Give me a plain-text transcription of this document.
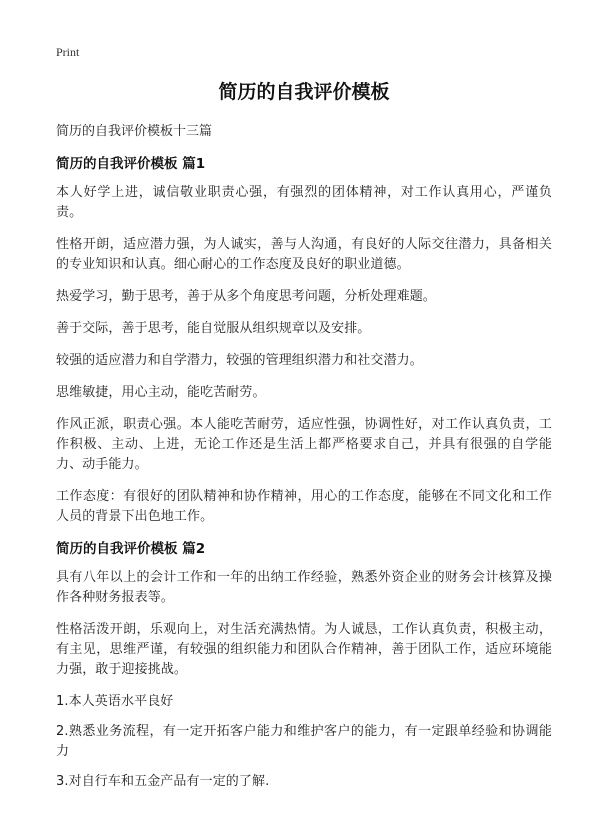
Print
简历的自我评价模板
简历的自我评价模板十三篇
简历的自我评价模板 篇1

本人好学上进，诚信敬业职责心强，有强烈的团体精神，对工作认真用心，严谨负责。

性格开朗，适应潜力强，为人诚实，善与人沟通，有良好的人际交往潜力，具备相关的专业知识和认真。细心耐心的工作态度及良好的职业道德。

热爱学习，勤于思考，善于从多个角度思考问题，分析处理难题。

善于交际，善于思考，能自觉服从组织规章以及安排。

较强的适应潜力和自学潜力，较强的管理组织潜力和社交潜力。

思维敏捷，用心主动，能吃苦耐劳。

作风正派，职责心强。本人能吃苦耐劳，适应性强，协调性好，对工作认真负责，工作积极、主动、上进，无论工作还是生活上都严格要求自己，并具有很强的自学能力、动手能力。

工作态度：有很好的团队精神和协作精神，用心的工作态度，能够在不同文化和工作人员的背景下出色地工作。

简历的自我评价模板 篇2

具有八年以上的会计工作和一年的出纳工作经验，熟悉外资企业的财务会计核算及操作各种财务报表等。

性格活泼开朗，乐观向上，对生活充满热情。为人诚恳，工作认真负责，积极主动，有主见，思维严谨，有较强的组织能力和团队合作精神，善于团队工作，适应环境能力强，敢于迎接挑战。

1.本人英语水平良好

2.熟悉业务流程，有一定开拓客户能力和维护客户的能力，有一定跟单经验和协调能力

3.对自行车和五金产品有一定的了解.
